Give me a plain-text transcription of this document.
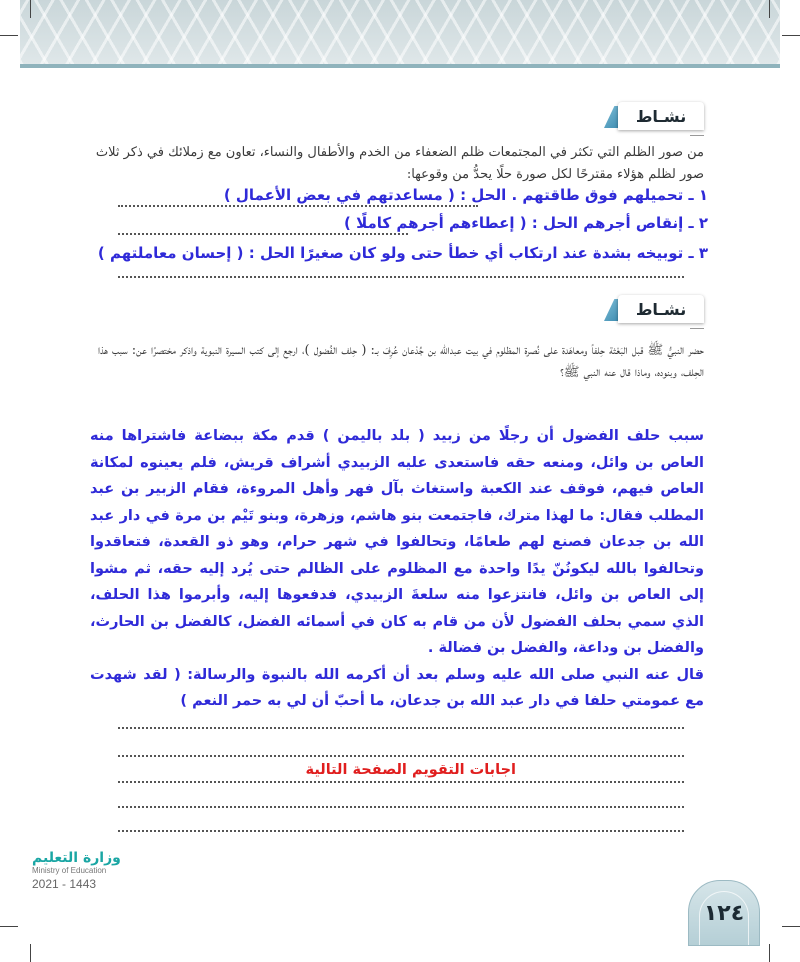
نشـاط
من صور الظلم التي تكثر في المجتمعات ظلم الضعفاء من الخدم والأطفال والنساء، تعاون مع زملائك في ذكر ثلاث صور لظلم هؤلاء مقترحًا لكل صورة حلًا يحدُّ من وقوعها:
١ ـ تحميلهم فوق طاقتهم . الحل : ( مساعدتهم في بعض الأعمال )
٢ ـ إنقاص أجرهم الحل : ( إعطاءهم أجرهم كاملًا )
٣ ـ توبيخه بشدة عند ارتكاب أي خطأ حتى ولو كان صغيرًا الحل : ( إحسان معاملتهم )
نشـاط
حضر النبيُّ ﷺ قبل البَعْثة حِلفاً ومعاهَدة على نُصرة المظلوم في بيت عبدالله بن جُدْعان عُرِفَ بـ: ( حِلف الفُضول )، ارجع إلى كتب السيرة النبوية واذكر مختصرًا عن: سبب هذا الحِلف، وبنوده، وماذا قال عنه النبي ﷺ؟
سبب حلف الفضول أن رجلًا من زبيد ( بلد باليمن ) قدم مكة ببضاعة فاشتراها منه العاص بن وائل، ومنعه حقه فاستعدى عليه الزبيدي أشراف قريش، فلم يعينوه لمكانة العاص فيهم، فوقف عند الكعبة واستغاث بآل فهر وأهل المروءة، فقام الزبير بن عبد المطلب فقال: ما لهذا مترك، فاجتمعت بنو هاشم، وزهرة، وبنو تَيْم بن مرة في دار عبد الله بن جدعان فصنع لهم طعامًا، وتحالفوا في شهر حرام، وهو ذو القعدة، فتعاقدوا وتحالفوا بالله ليكونُنّ يدًا واحدة مع المظلوم على الظالم حتى يُرد إليه حقه، ثم مشوا إلى العاص بن وائل، فانتزعوا منه سلعةَ الزبيدي، فدفعوها إليه، وأبرموا هذا الحلف، الذي سمي بحلف الفضول لأن من قام به كان في أسمائه الفضل، كالفضل بن الحارث، والفضل بن وداعة، والفضل بن فضالة .
قال عنه النبي صلى الله عليه وسلم بعد أن أكرمه الله بالنبوة والرسالة: ( لقد شهدت مع عمومتي حلفا في دار عبد الله بن جدعان، ما أحبّ أن لي به حمر النعم )
اجابات التقويم الصفحة التالية
وزارة التعليم
Ministry of Education
2021 - 1443
١٢٤
